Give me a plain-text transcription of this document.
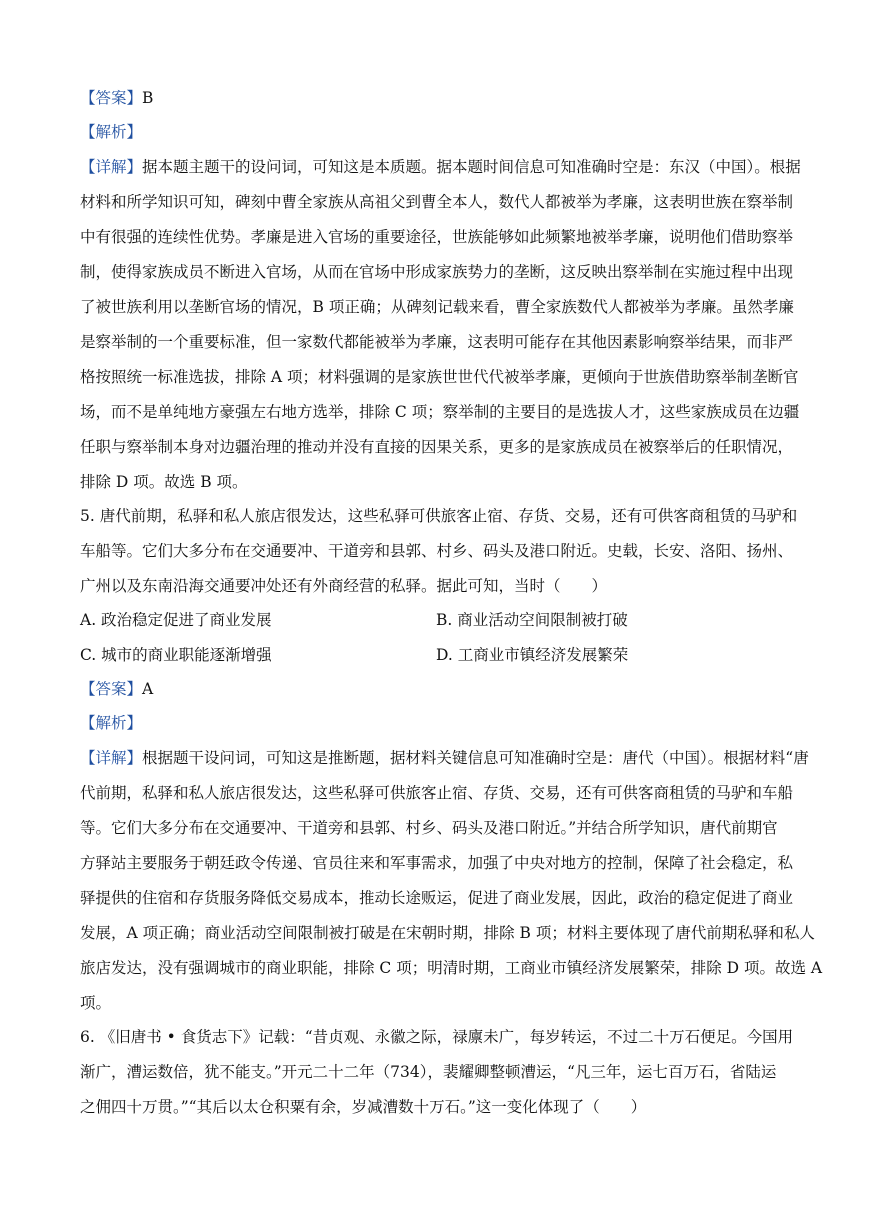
【答案】B
【解析】
【详解】据本题主题干的设问词，可知这是本质题。据本题时间信息可知准确时空是：东汉（中国）。根据
材料和所学知识可知，碑刻中曹全家族从高祖父到曹全本人，数代人都被举为孝廉，这表明世族在察举制
中有很强的连续性优势。孝廉是进入官场的重要途径，世族能够如此频繁地被举孝廉，说明他们借助察举
制，使得家族成员不断进入官场，从而在官场中形成家族势力的垄断，这反映出察举制在实施过程中出现
了被世族利用以垄断官场的情况，B 项正确；从碑刻记载来看，曹全家族数代人都被举为孝廉。虽然孝廉
是察举制的一个重要标准，但一家数代都能被举为孝廉，这表明可能存在其他因素影响察举结果，而非严
格按照统一标准选拔，排除 A 项；材料强调的是家族世世代代被举孝廉，更倾向于世族借助察举制垄断官
场，而不是单纯地方豪强左右地方选举，排除 C 项；察举制的主要目的是选拔人才，这些家族成员在边疆
任职与察举制本身对边疆治理的推动并没有直接的因果关系，更多的是家族成员在被察举后的任职情况，
排除 D 项。故选 B 项。
5. 唐代前期，私驿和私人旅店很发达，这些私驿可供旅客止宿、存货、交易，还有可供客商租赁的马驴和
车船等。它们大多分布在交通要冲、干道旁和县郭、村乡、码头及港口附近。史载，长安、洛阳、扬州、
广州以及东南沿海交通要冲处还有外商经营的私驿。据此可知，当时（　　）
A. 政治稳定促进了商业发展	B. 商业活动空间限制被打破
C. 城市的商业职能逐渐增强	D. 工商业市镇经济发展繁荣
【答案】A
【解析】
【详解】根据题干设问词，可知这是推断题，据材料关键信息可知准确时空是：唐代（中国）。根据材料“唐
代前期，私驿和私人旅店很发达，这些私驿可供旅客止宿、存货、交易，还有可供客商租赁的马驴和车船
等。它们大多分布在交通要冲、干道旁和县郭、村乡、码头及港口附近。”并结合所学知识，唐代前期官
方驿站主要服务于朝廷政令传递、官员往来和军事需求，加强了中央对地方的控制，保障了社会稳定，私
驿提供的住宿和存货服务降低交易成本，推动长途贩运，促进了商业发展，因此，政治的稳定促进了商业
发展，A 项正确；商业活动空间限制被打破是在宋朝时期，排除 B 项；材料主要体现了唐代前期私驿和私人
旅店发达，没有强调城市的商业职能，排除 C 项；明清时期，工商业市镇经济发展繁荣，排除 D 项。故选 A
项。
6. 《旧唐书 • 食货志下》记载：“昔贞观、永徽之际，禄廪未广，每岁转运，不过二十万石便足。今国用
渐广，漕运数倍，犹不能支。”开元二十二年（734），裴耀卿整顿漕运，“凡三年，运七百万石，省陆运
之佣四十万贯。”“其后以太仓积粟有余，岁减漕数十万石。”这一变化体现了（　　）
